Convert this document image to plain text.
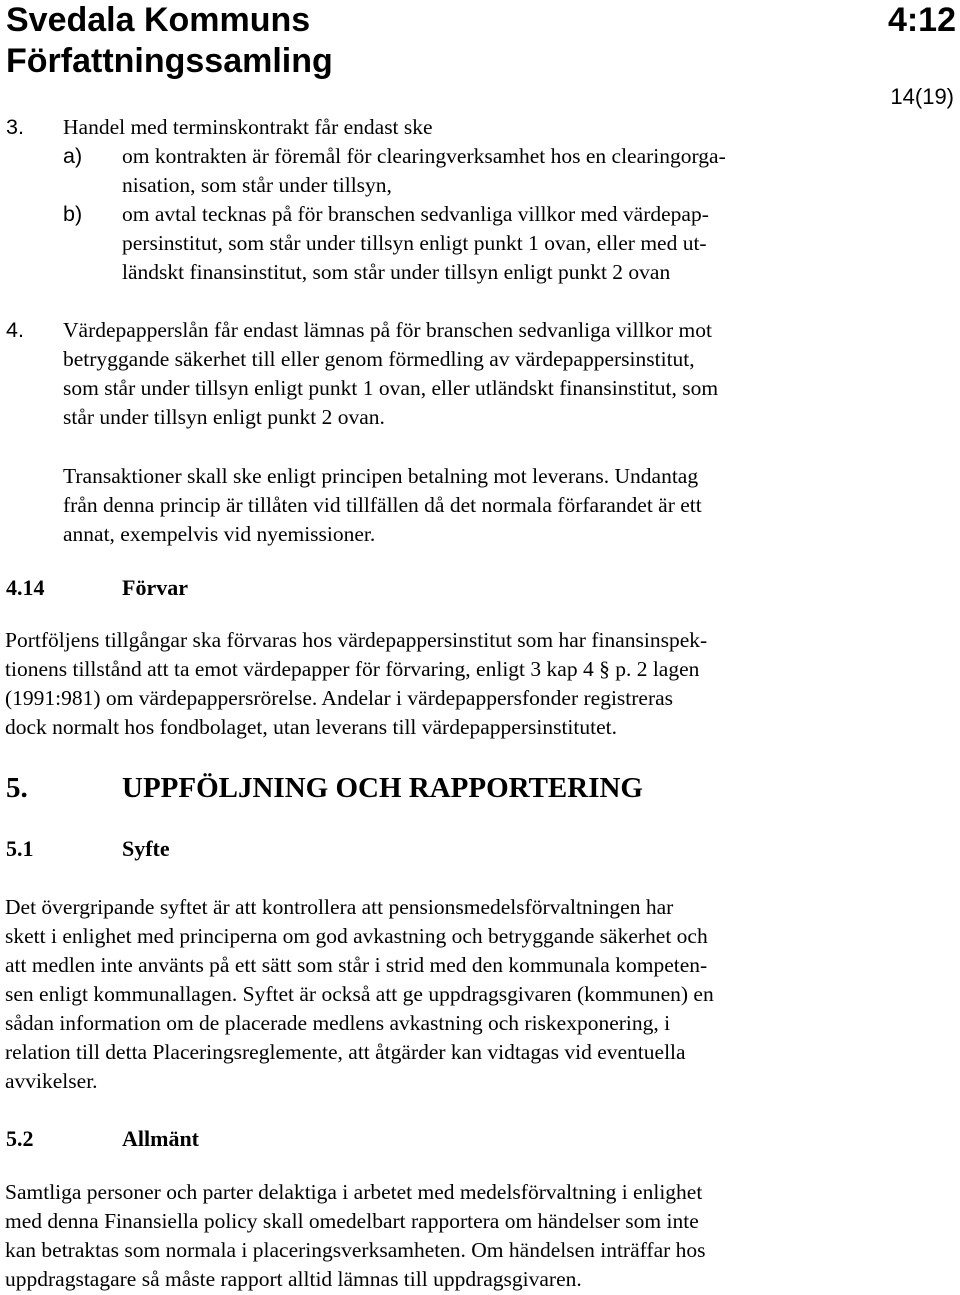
Svedala Kommuns
Författningssamling
4:12
14(19)
3. Handel med terminskontrakt får endast ske
a) om kontrakten är föremål för clearingverksamhet hos en clearingorga-
nisation, som står under tillsyn,
b) om avtal tecknas på för branschen sedvanliga villkor med värdepap-
persinstitut, som står under tillsyn enligt punkt 1 ovan, eller med ut-
ländskt finansinstitut, som står under tillsyn enligt punkt 2 ovan
4. Värdepapperslån får endast lämnas på för branschen sedvanliga villkor mot
betryggande säkerhet till eller genom förmedling av värdepappersinstitut,
som står under tillsyn enligt punkt 1 ovan, eller utländskt finansinstitut, som
står under tillsyn enligt punkt 2 ovan.
Transaktioner skall ske enligt principen betalning mot leverans. Undantag
från denna princip är tillåten vid tillfällen då det normala förfarandet är ett
annat, exempelvis vid nyemissioner.
4.14	Förvar
Portföljens tillgångar ska förvaras hos värdepappersinstitut som har finansinspek-
tionens tillstånd att ta emot värdepapper för förvaring, enligt 3 kap 4 § p. 2 lagen
(1991:981) om värdepappersrörelse. Andelar i värdepappersfonder registreras
dock normalt hos fondbolaget, utan leverans till värdepappersinstitutet.
5.	UPPFÖLJNING OCH RAPPORTERING
5.1	Syfte
Det övergripande syftet är att kontrollera att pensionsmedelsförvaltningen har
skett i enlighet med principerna om god avkastning och betryggande säkerhet och
att medlen inte använts på ett sätt som står i strid med den kommunala kompeten-
sen enligt kommunallagen. Syftet är också att ge uppdragsgivaren (kommunen) en
sådan information om de placerade medlens avkastning och riskexponering, i
relation till detta Placeringsreglemente, att åtgärder kan vidtagas vid eventuella
avvikelser.
5.2	Allmänt
Samtliga personer och parter delaktiga i arbetet med medelsförvaltning i enlighet
med denna Finansiella policy skall omedelbart rapportera om händelser som inte
kan betraktas som normala i placeringsverksamheten. Om händelsen inträffar hos
uppdragstagare så måste rapport alltid lämnas till uppdragsgivaren.
